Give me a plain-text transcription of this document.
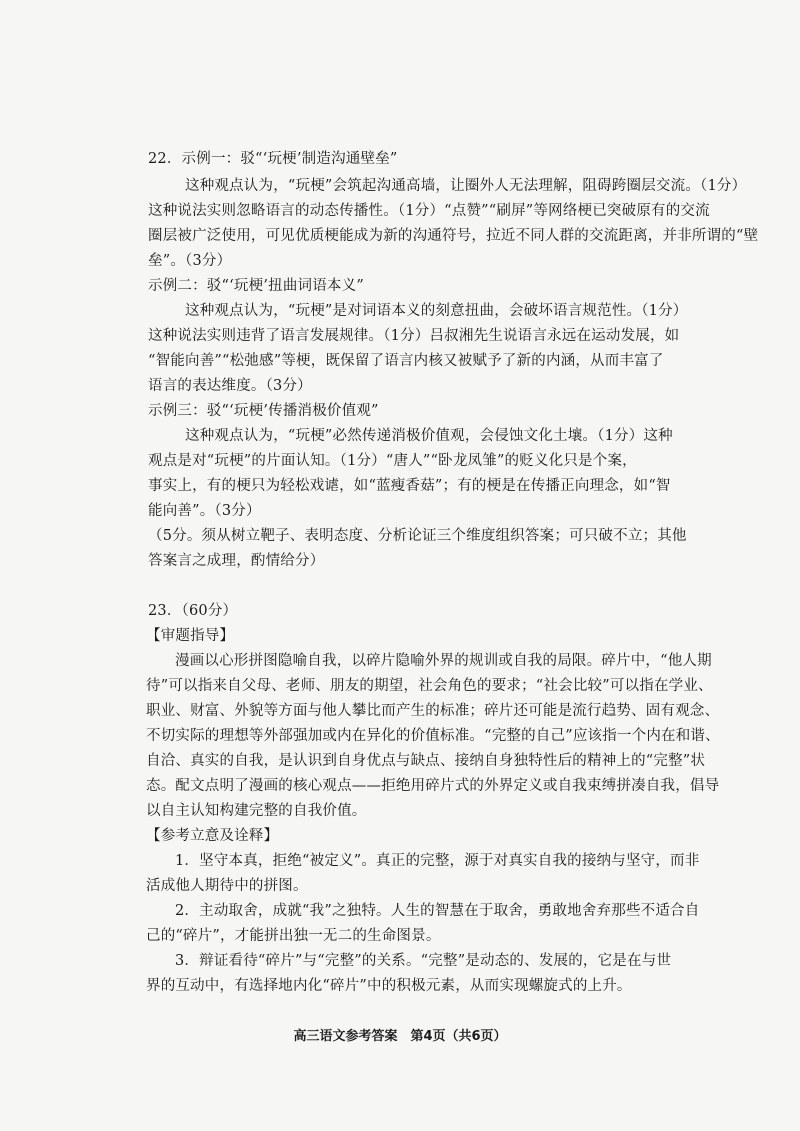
22．示例一：驳“‘玩梗’制造沟通壁垒”
这种观点认为，“玩梗”会筑起沟通高墙，让圈外人无法理解，阻碍跨圈层交流。（1分）
这种说法实则忽略语言的动态传播性。（1分）“点赞”“刷屏”等网络梗已突破原有的交流
圈层被广泛使用，可见优质梗能成为新的沟通符号，拉近不同人群的交流距离，并非所谓的“壁
垒”。（3分）
示例二：驳“‘玩梗’扭曲词语本义”
这种观点认为，“玩梗”是对词语本义的刻意扭曲，会破坏语言规范性。（1分）
这种说法实则违背了语言发展规律。（1分）吕叔湘先生说语言永远在运动发展，如
“智能向善”“松弛感”等梗，既保留了语言内核又被赋予了新的内涵，从而丰富了
语言的表达维度。（3分）
示例三：驳“‘玩梗’传播消极价值观”
这种观点认为，“玩梗”必然传递消极价值观，会侵蚀文化土壤。（1分）这种
观点是对“玩梗”的片面认知。（1分）“唐人”“卧龙凤雏”的贬义化只是个案，
事实上，有的梗只为轻松戏谑，如“蓝瘦香菇”；有的梗是在传播正向理念，如“智
能向善”。（3分）
（5分。须从树立靶子、表明态度、分析论证三个维度组织答案；可只破不立；其他
答案言之成理，酌情给分）
23．（60分）
【审题指导】
漫画以心形拼图隐喻自我，以碎片隐喻外界的规训或自我的局限。碎片中，“他人期
待”可以指来自父母、老师、朋友的期望，社会角色的要求；“社会比较”可以指在学业、
职业、财富、外貌等方面与他人攀比而产生的标准；碎片还可能是流行趋势、固有观念、
不切实际的理想等外部强加或内在异化的价值标准。“完整的自己”应该指一个内在和谐、
自洽、真实的自我，是认识到自身优点与缺点、接纳自身独特性后的精神上的“完整”状
态。配文点明了漫画的核心观点——拒绝用碎片式的外界定义或自我束缚拼凑自我，倡导
以自主认知构建完整的自我价值。
【参考立意及诠释】
1．坚守本真，拒绝“被定义”。真正的完整，源于对真实自我的接纳与坚守，而非
活成他人期待中的拼图。
2．主动取舍，成就“我”之独特。人生的智慧在于取舍，勇敢地舍弃那些不适合自
己的“碎片”，才能拼出独一无二的生命图景。
3．辩证看待“碎片”与“完整”的关系。“完整”是动态的、发展的，它是在与世
界的互动中，有选择地内化“碎片”中的积极元素，从而实现螺旋式的上升。
高三语文参考答案　第4页（共6页）
